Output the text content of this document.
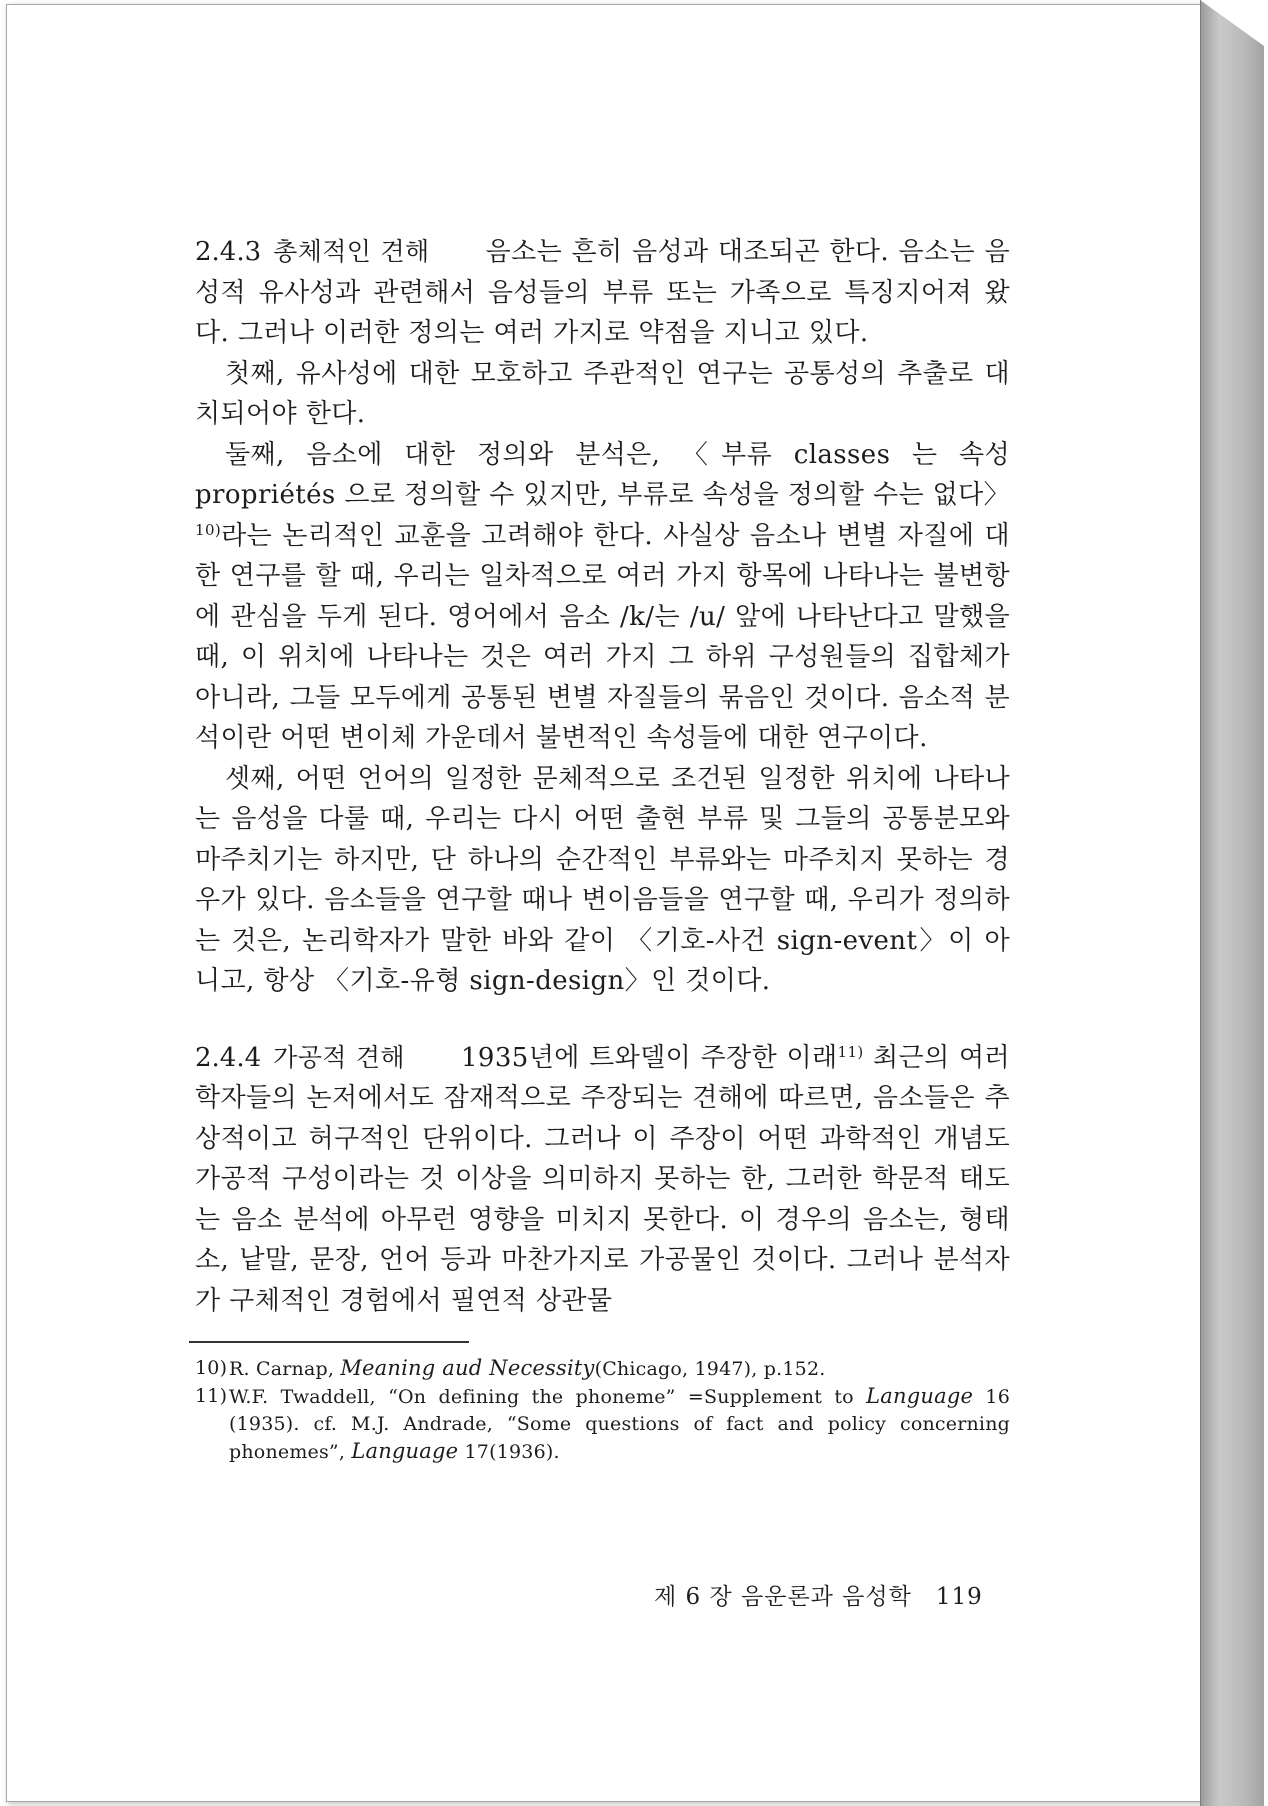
2.4.3 총체적인 견해 음소는 흔히 음성과 대조되곤 한다. 음소는 음성적 유사성과 관련해서 음성들의 부류 또는 가족으로 특징지어져 왔다. 그러나 이러한 정의는 여러 가지로 약점을 지니고 있다.

첫째, 유사성에 대한 모호하고 주관적인 연구는 공통성의 추출로 대치되어야 한다.

둘째, 음소에 대한 정의와 분석은, 〈부류 classes 는 속성 propriétés 으로 정의할 수 있지만, 부류로 속성을 정의할 수는 없다〉$^{10)}$라는 논리적인 교훈을 고려해야 한다. 사실상 음소나 변별 자질에 대한 연구를 할 때, 우리는 일차적으로 여러 가지 항목에 나타나는 불변항에 관심을 두게 된다. 영어에서 음소 /k/는 /u/ 앞에 나타난다고 말했을 때, 이 위치에 나타나는 것은 여러 가지 그 하위 구성원들의 집합체가 아니라, 그들 모두에게 공통된 변별 자질들의 묶음인 것이다. 음소적 분석이란 어떤 변이체 가운데서 불변적인 속성들에 대한 연구이다.

셋째, 어떤 언어의 일정한 문체적으로 조건된 일정한 위치에 나타나는 음성을 다룰 때, 우리는 다시 어떤 출현 부류 및 그들의 공통분모와 마주치기는 하지만, 단 하나의 순간적인 부류와는 마주치지 못하는 경우가 있다. 음소들을 연구할 때나 변이음들을 연구할 때, 우리가 정의하는 것은, 논리학자가 말한 바와 같이 〈기호-사건 sign-event〉이 아니고, 항상 〈기호-유형 sign-design〉인 것이다.

2.4.4 가공적 견해 1935년에 트와델이 주장한 이래$^{11)}$ 최근의 여러 학자들의 논저에서도 잠재적으로 주장되는 견해에 따르면, 음소들은 추상적이고 허구적인 단위이다. 그러나 이 주장이 어떤 과학적인 개념도 가공적 구성이라는 것 이상을 의미하지 못하는 한, 그러한 학문적 태도는 음소 분석에 아무런 영향을 미치지 못한다. 이 경우의 음소는, 형태소, 낱말, 문장, 언어 등과 마찬가지로 가공물인 것이다. 그러나 분석자가 구체적인 경험에서 필연적 상관물

10) R. Carnap, Meaning aud Necessity(Chicago, 1947), p.152.

11) W.F. Twaddell, “On defining the phoneme” =Supplement to Language 16 (1935). cf. M.J. Andrade, “Some questions of fact and policy concerning phonemes”, Language 17(1936).

제 6 장 음운론과 음성학 119
